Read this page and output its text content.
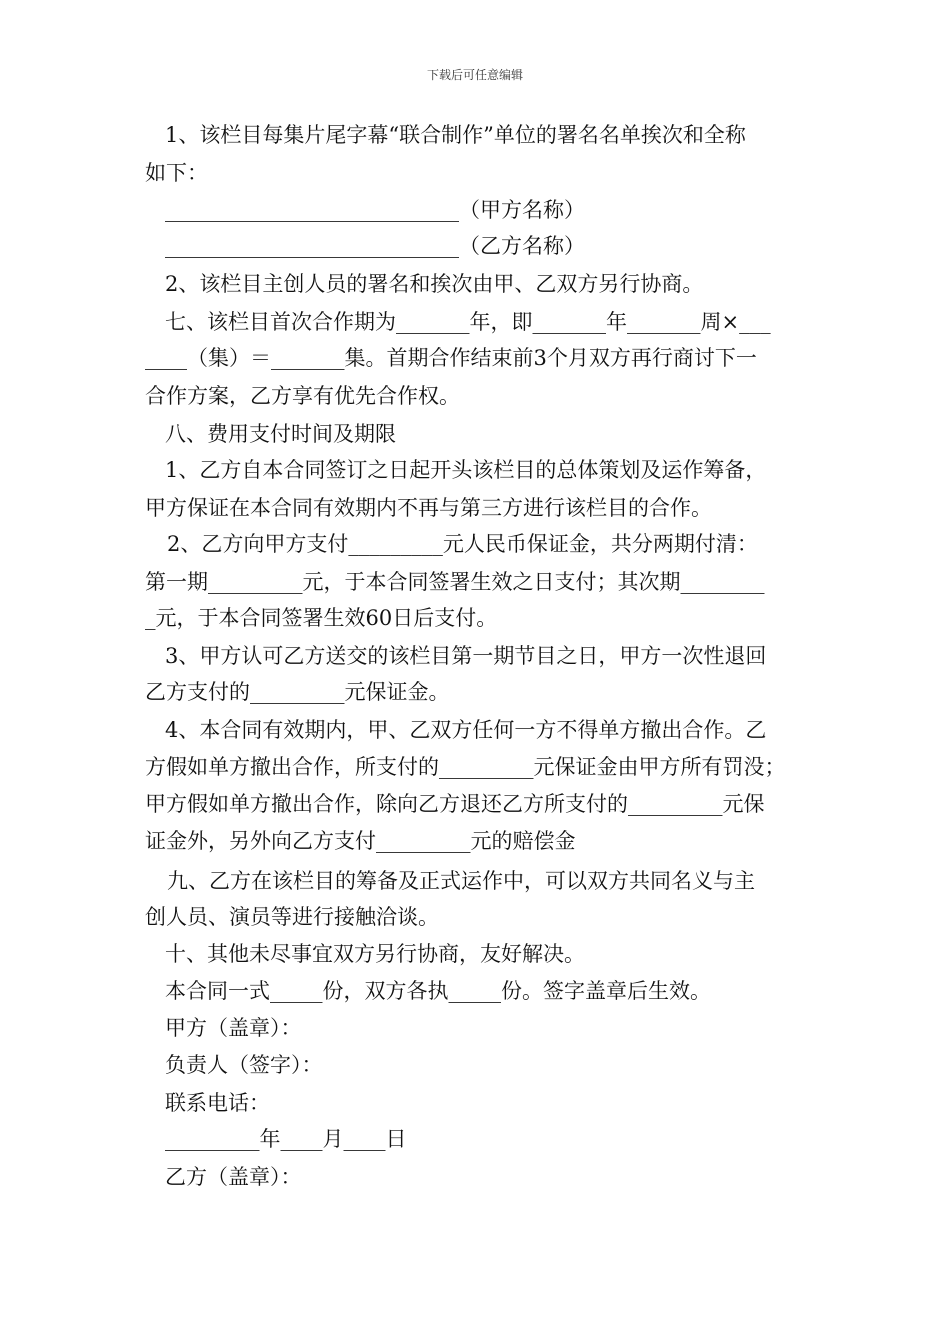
下载后可任意编辑
1、该栏目每集片尾字幕“联合制作”单位的署名名单挨次和全称
如下：
____________________________（甲方名称）
____________________________（乙方名称）
2、该栏目主创人员的署名和挨次由甲、乙双方另行协商。
七、该栏目首次合作期为_______年，即_______年_______周×___
____（集）＝_______集。首期合作结束前3个月双方再行商讨下一
合作方案，乙方享有优先合作权。
八、费用支付时间及期限
1、乙方自本合同签订之日起开头该栏目的总体策划及运作筹备，
甲方保证在本合同有效期内不再与第三方进行该栏目的合作。
2、乙方向甲方支付_________元人民币保证金，共分两期付清：
第一期_________元，于本合同签署生效之日支付；其次期________
_元，于本合同签署生效60日后支付。
3、甲方认可乙方送交的该栏目第一期节目之日，甲方一次性退回
乙方支付的_________元保证金。
4、本合同有效期内，甲、乙双方任何一方不得单方撤出合作。乙
方假如单方撤出合作，所支付的_________元保证金由甲方所有罚没；
甲方假如单方撤出合作，除向乙方退还乙方所支付的_________元保
证金外，另外向乙方支付_________元的赔偿金
九、乙方在该栏目的筹备及正式运作中，可以双方共同名义与主
创人员、演员等进行接触洽谈。
十、其他未尽事宜双方另行协商，友好解决。
本合同一式_____份，双方各执_____份。签字盖章后生效。
甲方（盖章）：
负责人（签字）：
联系电话：
_________年____月____日
乙方（盖章）：
